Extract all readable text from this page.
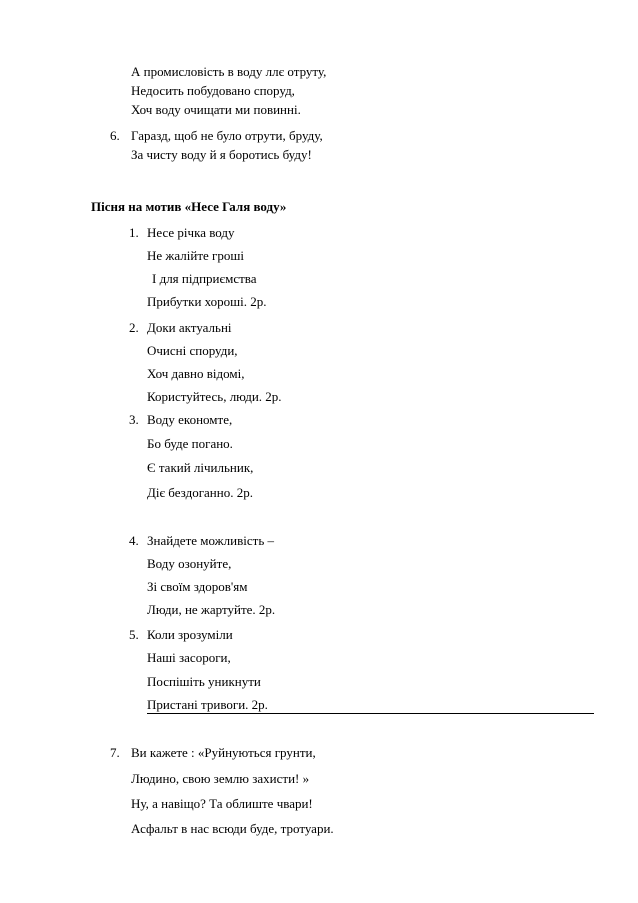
А промисловість в воду ллє отруту,
Недосить побудовано споруд,
Хоч воду очищати ми повинні.
6. Гаразд, щоб не було отрути, бруду,
За чисту воду й я боротись буду!
Пісня на мотив «Несе Галя воду»
1. Несе річка воду
Не жалійте гроші
І для підприємства
Прибутки хороші. 2р.
2. Доки актуальні
Очисні споруди,
Хоч давно відомі,
Користуйтесь, люди. 2р.
3. Воду економте,
Бо буде погано.
Є такий лічильник,
Діє бездоганно. 2р.
4. Знайдете можливість –
Воду озонуйте,
Зі своїм здоров'ям
Люди, не жартуйте. 2р.
5. Коли зрозуміли
Наші засороги,
Поспішіть уникнути
Пристані тривоги. 2р.
7. Ви кажете : «Руйнуються грунти,
Людино, свою землю захисти! »
Ну, а навіщо? Та облиште чвари!
Асфальт в нас всюди буде, тротуари.
